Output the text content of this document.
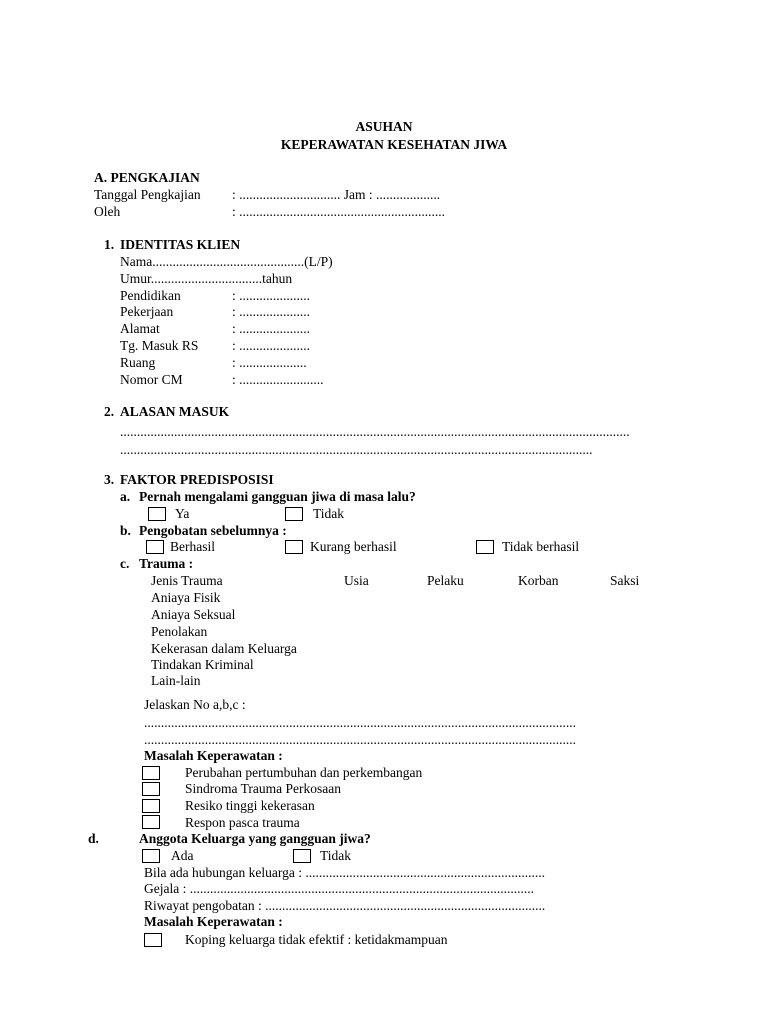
ASUHAN
KEPERAWATAN KESEHATAN JIWA
A. PENGKAJIAN
Tanggal Pengkajian : .............................. Jam : ...................
Oleh	: .............................................................
1. IDENTITAS KLIEN
Nama.............................................(L/P)
Umur.................................tahun
Pendidikan	: .....................
Pekerjaan	: .....................
Alamat	: .....................
Tg. Masuk RS : .....................
Ruang	: ....................
Nomor CM	: .........................
2. ALASAN MASUK
.......................................................................................................................................................
............................................................................................................................................
3. FAKTOR PREDISPOSISI
a. Pernah mengalami gangguan jiwa di masa lalu?
Ya	Tidak
b. Pengobatan sebelumnya :
Berhasil	Kurang berhasil	Tidak berhasil
c. Trauma :
Jenis Trauma	Usia	Pelaku	Korban	Saksi
Aniaya Fisik
Aniaya Seksual
Penolakan
Kekerasan dalam Keluarga
Tindakan Kriminal
Lain-lain
Jelaskan No a,b,c :
................................................................................................................................
................................................................................................................................
Masalah Keperawatan :
Perubahan pertumbuhan dan perkembangan
Sindroma Trauma Perkosaan
Resiko tinggi kekerasan
Respon pasca trauma
d.	Anggota Keluarga yang gangguan jiwa?
Ada	Tidak
Bila ada hubungan keluarga : .......................................................................
Gejala : ......................................................................................................
Riwayat pengobatan : ...................................................................................
Masalah Keperawatan :
Koping keluarga tidak efektif : ketidakmampuan
